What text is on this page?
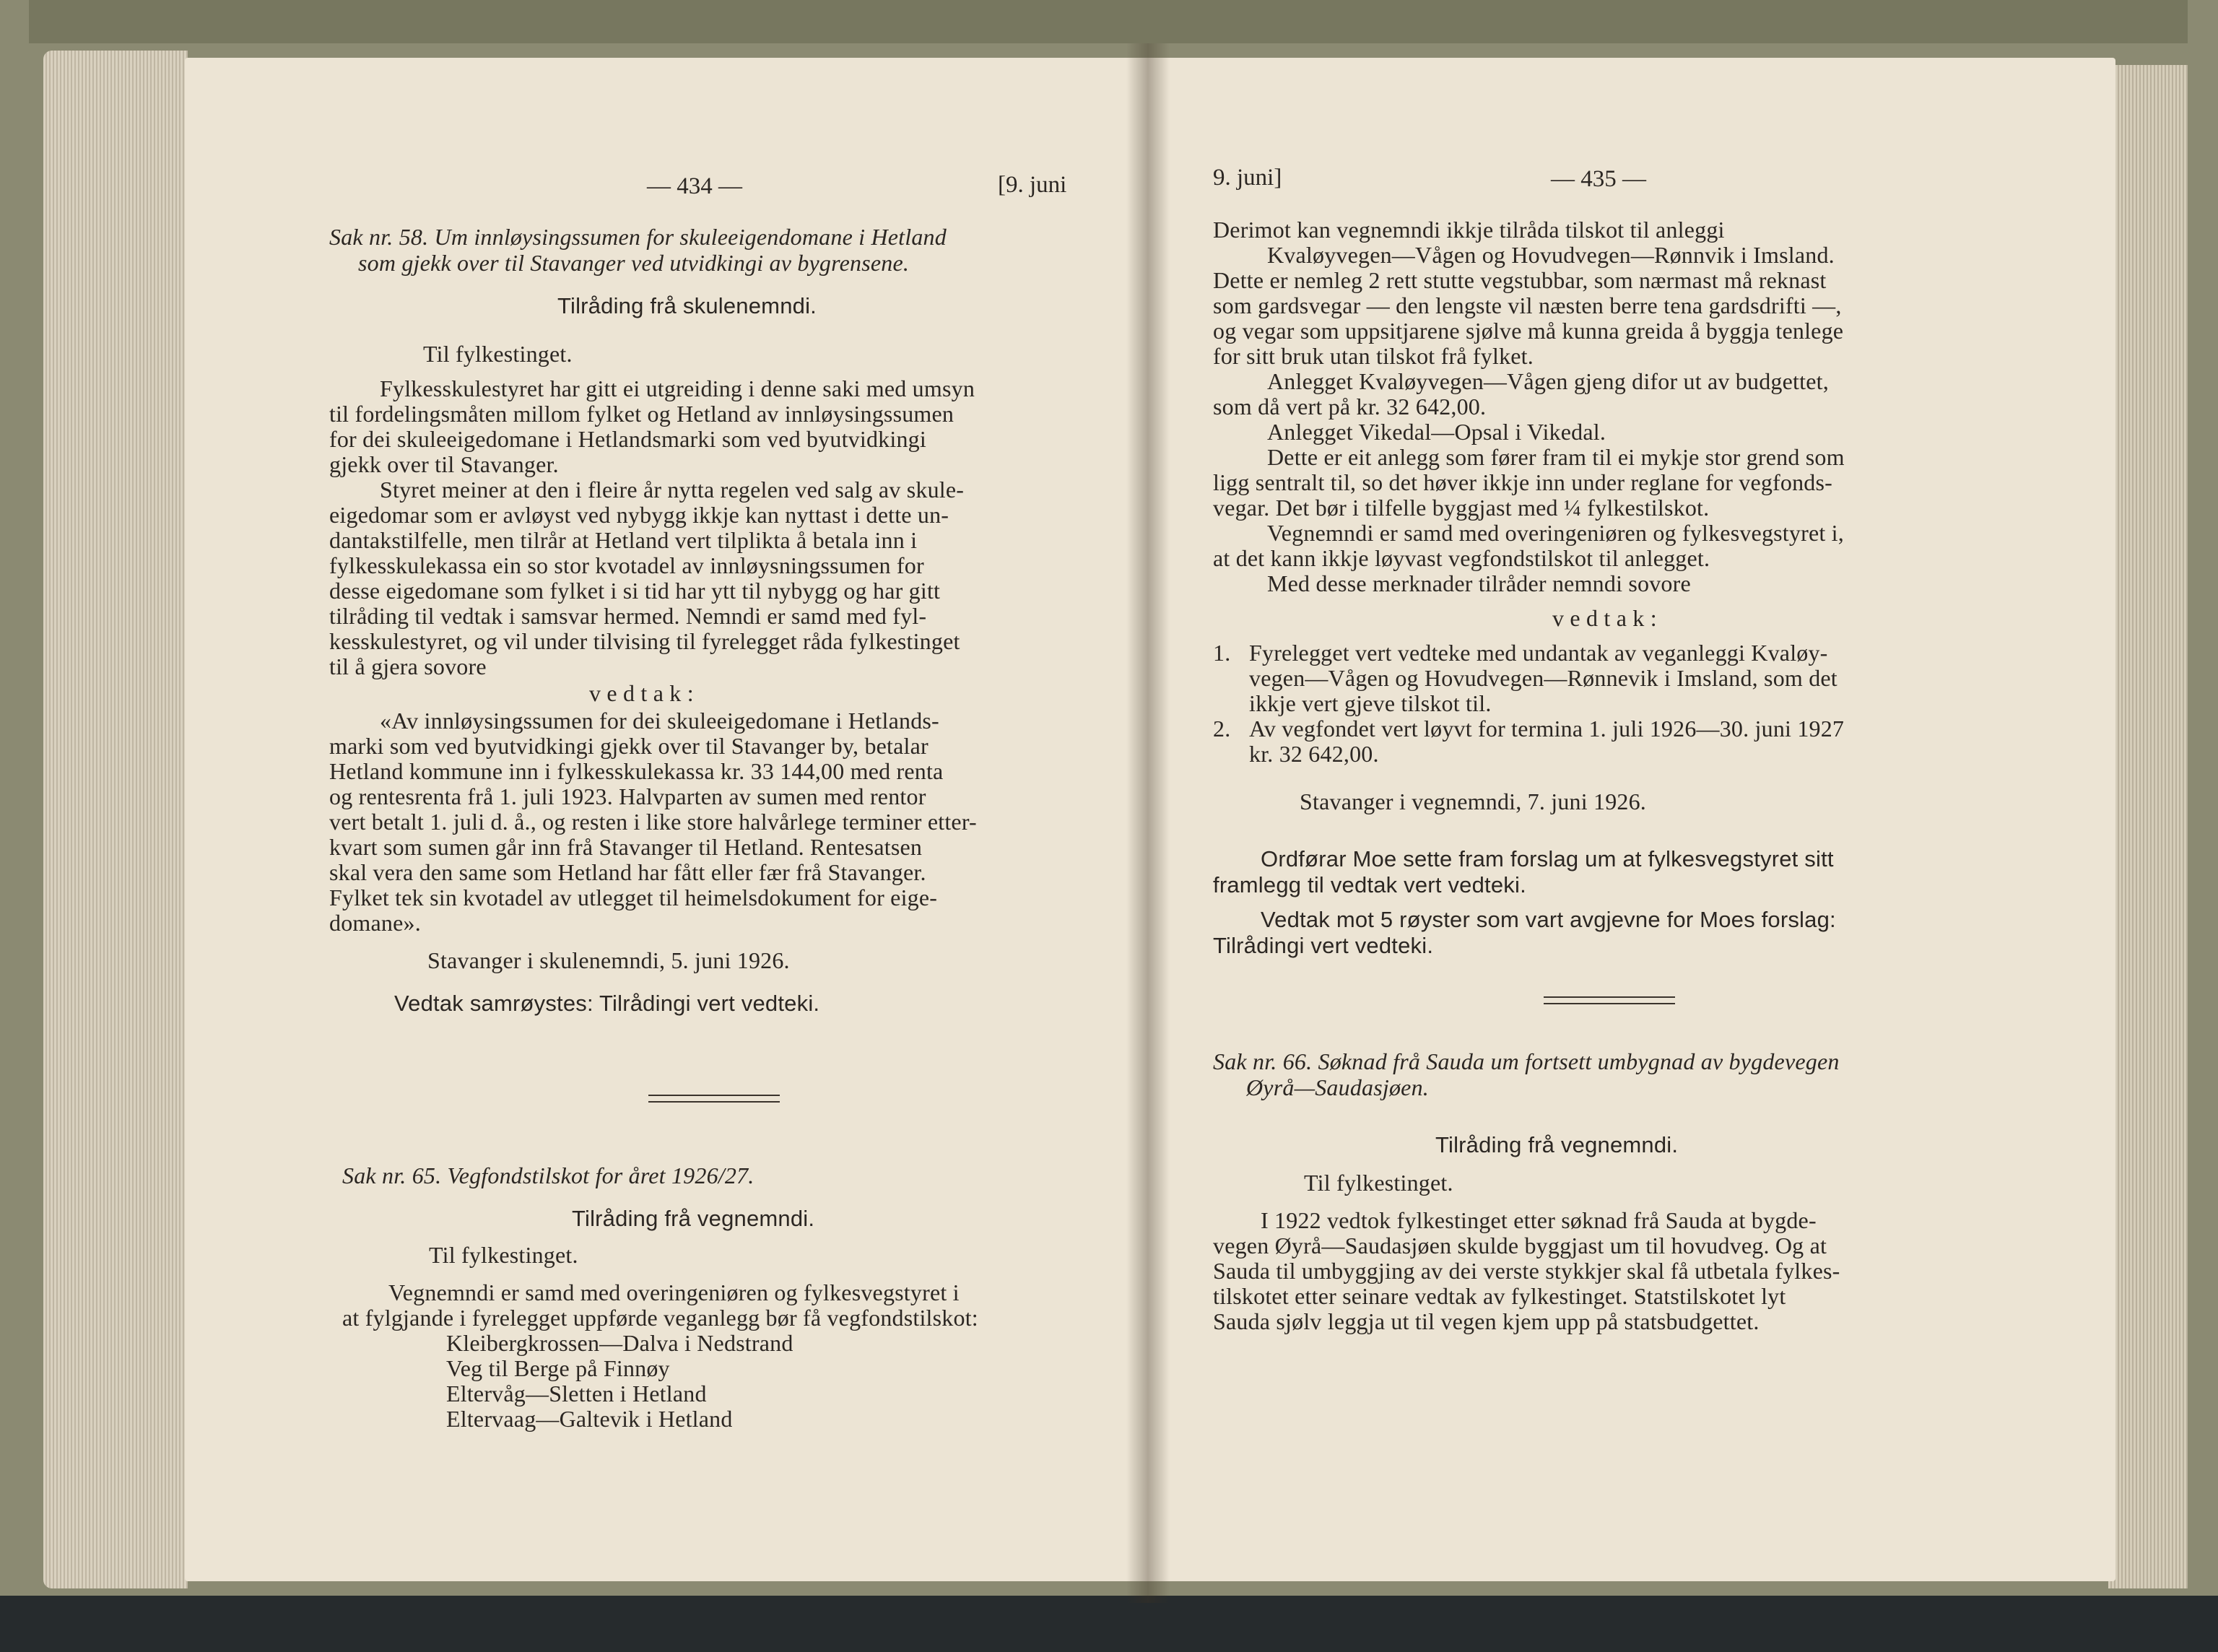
— 434 —	[9. juni
Sak nr. 58. Um innløysingssumen for skuleeigendomane i Hetland
som gjekk over til Stavanger ved utvidkingi av bygrensene.
Tilråding frå skulenemndi.
Til fylkestinget.
Fylkesskulestyret har gitt ei utgreiding i denne saki med umsyn
til fordelingsmåten millom fylket og Hetland av innløysingssumen
for dei skuleeigedomane i Hetlandsmarki som ved byutvidkingi
gjekk over til Stavanger.
Styret meiner at den i fleire år nytta regelen ved salg av skule-
eigedomar som er avløyst ved nybygg ikkje kan nyttast i dette un-
dantakstilfelle, men tilrår at Hetland vert tilplikta å betala inn i
fylkesskulekassa ein so stor kvotadel av innløysningssumen for
desse eigedomane som fylket i si tid har ytt til nybygg og har gitt
tilråding til vedtak i samsvar hermed. Nemndi er samd med fyl-
kesskulestyret, og vil under tilvising til fyrelegget råda fylkestinget
til å gjera sovore
v e d t a k :
«Av innløysingssumen for dei skuleeigedomane i Hetlands-
marki som ved byutvidkingi gjekk over til Stavanger by, betalar
Hetland kommune inn i fylkesskulekassa kr. 33 144,00 med renta
og rentesrenta frå 1. juli 1923. Halvparten av sumen med rentor
vert betalt 1. juli d. å., og resten i like store halvårlege terminer etter-
kvart som sumen går inn frå Stavanger til Hetland. Rentesatsen
skal vera den same som Hetland har fått eller fær frå Stavanger.
Fylket tek sin kvotadel av utlegget til heimelsdokument for eige-
domane».
Stavanger i skulenemndi, 5. juni 1926.
Vedtak samrøystes: Tilrådingi vert vedteki.
Sak nr. 65. Vegfondstilskot for året 1926/27.
Tilråding frå vegnemndi.
Til fylkestinget.
Vegnemndi er samd med overingeniøren og fylkesvegstyret i
at fylgjande i fyrelegget uppførde veganlegg bør få vegfondstilskot:
Kleibergkrossen—Dalva i Nedstrand
Veg til Berge på Finnøy
Eltervåg—Sletten i Hetland
Eltervaag—Galtevik i Hetland
9. juni]	— 435 —
Derimot kan vegnemndi ikkje tilråda tilskot til anleggi
Kvaløyvegen—Vågen og Hovudvegen—Rønnvik i Imsland.
Dette er nemleg 2 rett stutte vegstubbar, som nærmast må reknast
som gardsvegar — den lengste vil næsten berre tena gardsdrifti —,
og vegar som uppsitjarene sjølve må kunna greida å byggja tenlege
for sitt bruk utan tilskot frå fylket.
Anlegget Kvaløyvegen—Vågen gjeng difor ut av budgettet,
som då vert på kr. 32 642,00.
Anlegget Vikedal—Opsal i Vikedal.
Dette er eit anlegg som fører fram til ei mykje stor grend som
ligg sentralt til, so det høver ikkje inn under reglane for vegfonds-
vegar. Det bør i tilfelle byggjast med ¼ fylkestilskot.
Vegnemndi er samd med overingeniøren og fylkesvegstyret i,
at det kann ikkje løyvast vegfondstilskot til anlegget.
Med desse merknader tilråder nemndi sovore
v e d t a k :
1. Fyrelegget vert vedteke med undantak av veganleggi Kvaløy-
vegen—Vågen og Hovudvegen—Rønnevik i Imsland, som det
ikkje vert gjeve tilskot til.
2. Av vegfondet vert løyvt for termina 1. juli 1926—30. juni 1927
kr. 32 642,00.
Stavanger i vegnemndi, 7. juni 1926.
Ordførar Moe sette fram forslag um at fylkesvegstyret sitt
framlegg til vedtak vert vedteki.
Vedtak mot 5 røyster som vart avgjevne for Moes forslag:
Tilrådingi vert vedteki.
Sak nr. 66. Søknad frå Sauda um fortsett umbygnad av bygdevegen
Øyrå—Saudasjøen.
Tilråding frå vegnemndi.
Til fylkestinget.
I 1922 vedtok fylkestinget etter søknad frå Sauda at bygde-
vegen Øyrå—Saudasjøen skulde byggjast um til hovudveg. Og at
Sauda til umbyggjing av dei verste stykkjer skal få utbetala fylkes-
tilskotet etter seinare vedtak av fylkestinget. Statstilskotet lyt
Sauda sjølv leggja ut til vegen kjem upp på statsbudgettet.
